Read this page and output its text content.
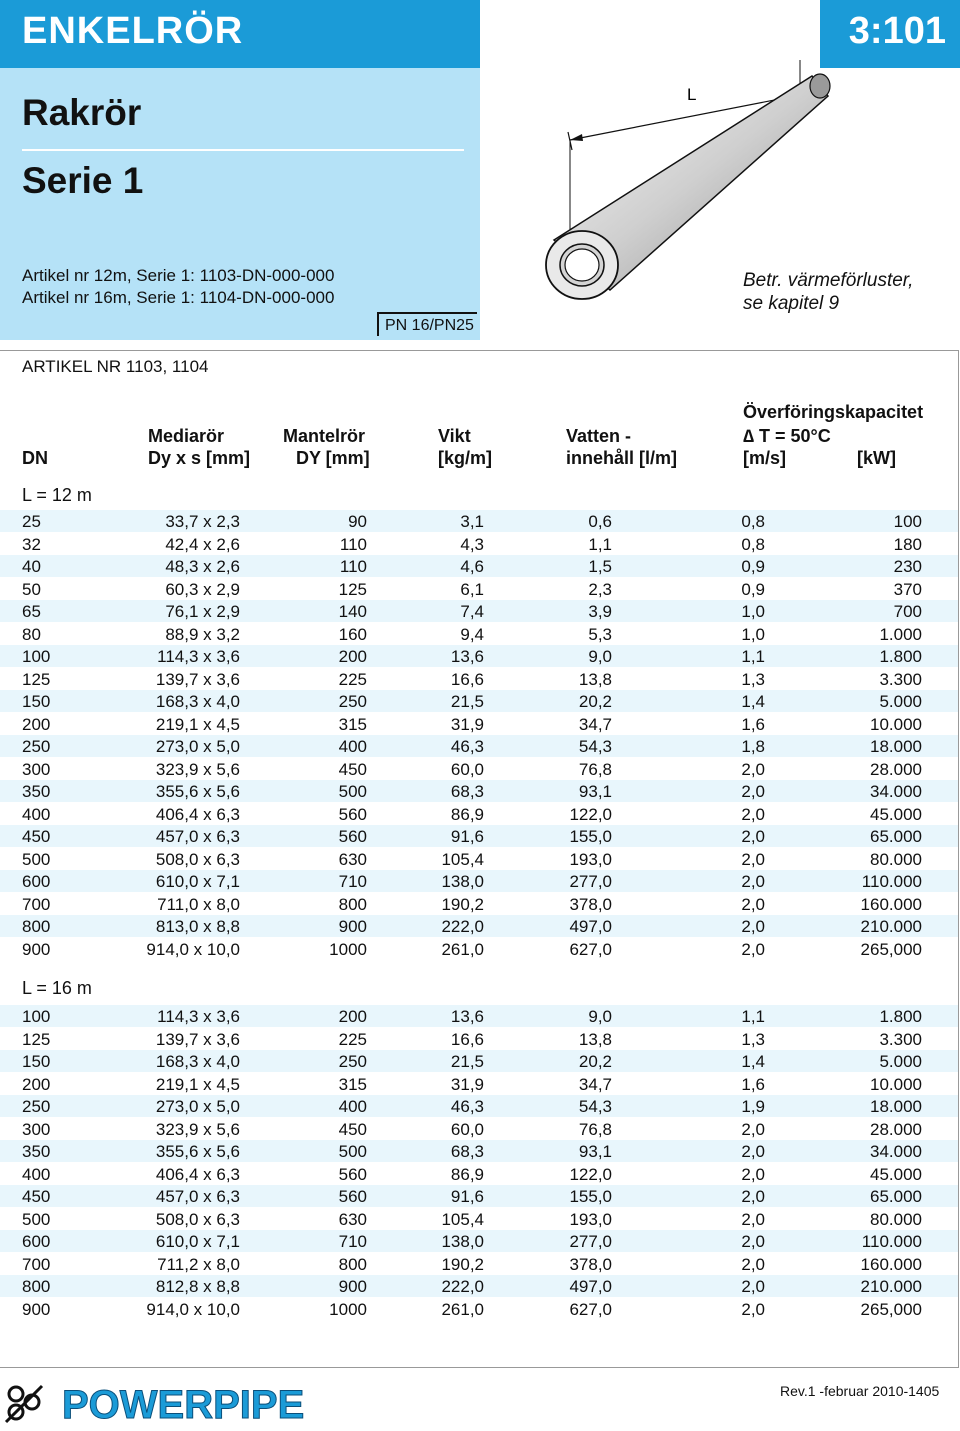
ENKELRÖR	3:101
Rakrör
Serie 1
Artikel nr 12m, Serie 1: 1103-DN-000-000
Artikel nr 16m, Serie 1: 1104-DN-000-000
PN 16/PN25
L
Betr. värmeförluster,
se kapitel 9
ARTIKEL NR 1103, 1104
DN
Mediarör
Dy x s [mm]
Mantelrör
DY [mm]
Vikt
[kg/m]
Vatten -
innehåll [l/m]
Överföringskapacitet
∆ T = 50°C
[m/s]	[kW]
L = 12 m
25	33,7 x 2,3	90	3,1	0,6	0,8	100
32	42,4 x 2,6	110	4,3	1,1	0,8	180
40	48,3 x 2,6	110	4,6	1,5	0,9	230
50	60,3 x 2,9	125	6,1	2,3	0,9	370
65	76,1 x 2,9	140	7,4	3,9	1,0	700
80	88,9 x 3,2	160	9,4	5,3	1,0	1.000
100	114,3 x 3,6	200	13,6	9,0	1,1	1.800
125	139,7 x 3,6	225	16,6	13,8	1,3	3.300
150	168,3 x 4,0	250	21,5	20,2	1,4	5.000
200	219,1 x 4,5	315	31,9	34,7	1,6	10.000
250	273,0 x 5,0	400	46,3	54,3	1,8	18.000
300	323,9 x 5,6	450	60,0	76,8	2,0	28.000
350	355,6 x 5,6	500	68,3	93,1	2,0	34.000
400	406,4 x 6,3	560	86,9	122,0	2,0	45.000
450	457,0 x 6,3	560	91,6	155,0	2,0	65.000
500	508,0 x 6,3	630	105,4	193,0	2,0	80.000
600	610,0 x 7,1	710	138,0	277,0	2,0	110.000
700	711,0 x 8,0	800	190,2	378,0	2,0	160.000
800	813,0 x 8,8	900	222,0	497,0	2,0	210.000
900	914,0 x 10,0	1000	261,0	627,0	2,0	265,000
L = 16 m
100	114,3 x 3,6	200	13,6	9,0	1,1	1.800
125	139,7 x 3,6	225	16,6	13,8	1,3	3.300
150	168,3 x 4,0	250	21,5	20,2	1,4	5.000
200	219,1 x 4,5	315	31,9	34,7	1,6	10.000
250	273,0 x 5,0	400	46,3	54,3	1,9	18.000
300	323,9 x 5,6	450	60,0	76,8	2,0	28.000
350	355,6 x 5,6	500	68,3	93,1	2,0	34.000
400	406,4 x 6,3	560	86,9	122,0	2,0	45.000
450	457,0 x 6,3	560	91,6	155,0	2,0	65.000
500	508,0 x 6,3	630	105,4	193,0	2,0	80.000
600	610,0 x 7,1	710	138,0	277,0	2,0	110.000
700	711,2 x 8,0	800	190,2	378,0	2,0	160.000
800	812,8 x 8,8	900	222,0	497,0	2,0	210.000
900	914,0 x 10,0	1000	261,0	627,0	2,0	265,000
POWERPIPE	Rev.1 -februar 2010-1405
